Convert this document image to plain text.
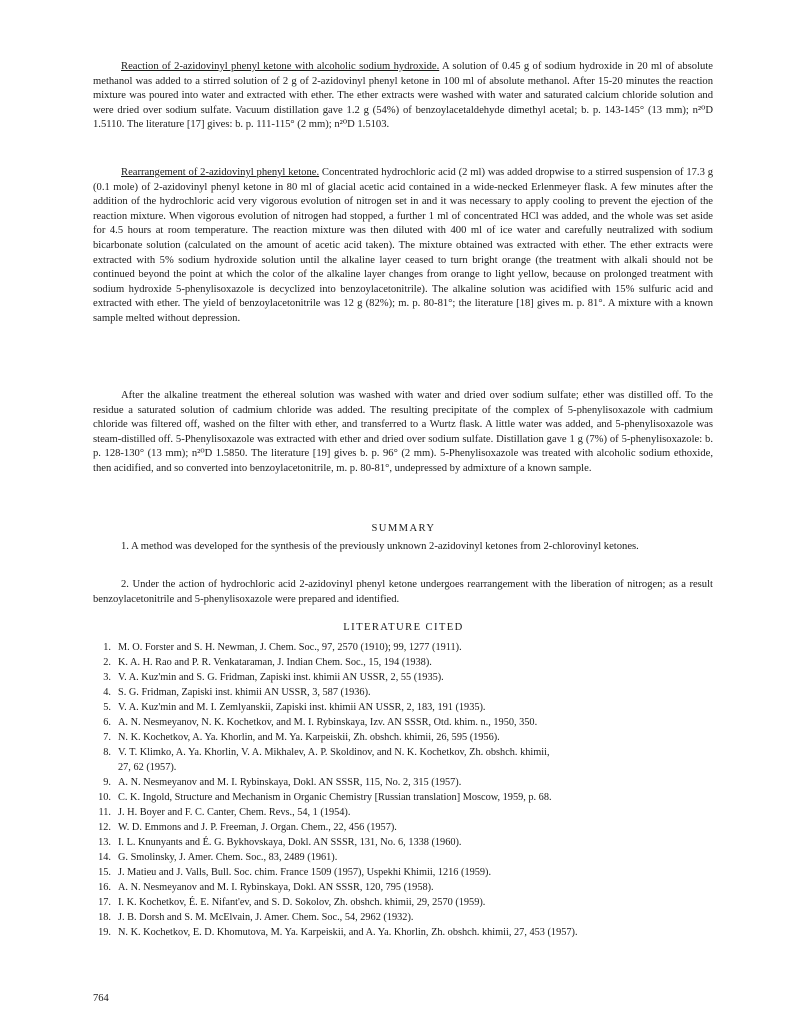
Reaction of 2-azidovinyl phenyl ketone with alcoholic sodium hydroxide. A solution of 0.45 g of sodium hydroxide in 20 ml of absolute methanol was added to a stirred solution of 2 g of 2-azidovinyl phenyl ketone in 100 ml of absolute methanol. After 15-20 minutes the reaction mixture was poured into water and extracted with ether. The ether extracts were washed with water and saturated calcium chloride solution and were dried over sodium sulfate. Vacuum distillation gave 1.2 g (54%) of benzoylacetaldehyde dimethyl acetal; b. p. 143-145° (13 mm); n²⁰D 1.5110. The literature [17] gives: b. p. 111-115° (2 mm); n²⁰D 1.5103.

Rearrangement of 2-azidovinyl phenyl ketone. Concentrated hydrochloric acid (2 ml) was added dropwise to a stirred suspension of 17.3 g (0.1 mole) of 2-azidovinyl phenyl ketone in 80 ml of glacial acetic acid contained in a wide-necked Erlenmeyer flask. A few minutes after the addition of the hydrochloric acid very vigorous evolution of nitrogen set in and it was necessary to apply cooling to prevent the ejection of the reaction mixture. When vigorous evolution of nitrogen had stopped, a further 1 ml of concentrated HCl was added, and the whole was set aside for 4.5 hours at room temperature. The reaction mixture was then diluted with 400 ml of ice water and carefully neutralized with sodium bicarbonate solution (calculated on the amount of acetic acid taken). The mixture obtained was extracted with ether. The ether extracts were extracted with 5% sodium hydroxide solution until the alkaline layer ceased to turn bright orange (the treatment with alkali should not be continued beyond the point at which the color of the alkaline layer changes from orange to light yellow, because on prolonged treatment with sodium hydroxide 5-phenylisoxazole is decyclized into benzoylacetonitrile). The alkaline solution was acidified with 15% sulfuric acid and extracted with ether. The yield of benzoylacetonitrile was 12 g (82%); m. p. 80-81°; the literature [18] gives m. p. 81°. A mixture with a known sample melted without depression.

After the alkaline treatment the ethereal solution was washed with water and dried over sodium sulfate; ether was distilled off. To the residue a saturated solution of cadmium chloride was added. The resulting precipitate of the complex of 5-phenylisoxazole with cadmium chloride was filtered off, washed on the filter with ether, and transferred to a Wurtz flask. A little water was added, and 5-phenylisoxazole was steam-distilled off. 5-Phenylisoxazole was extracted with ether and dried over sodium sulfate. Distillation gave 1 g (7%) of 5-phenylisoxazole: b. p. 128-130° (13 mm); n²⁰D 1.5850. The literature [19] gives b. p. 96° (2 mm). 5-Phenylisoxazole was treated with alcoholic sodium ethoxide, then acidified, and so converted into benzoylacetonitrile, m. p. 80-81°, undepressed by admixture of a known sample.

SUMMARY

1. A method was developed for the synthesis of the previously unknown 2-azidovinyl ketones from 2-chlorovinyl ketones.

2. Under the action of hydrochloric acid 2-azidovinyl phenyl ketone undergoes rearrangement with the liberation of nitrogen; as a result benzoylacetonitrile and 5-phenylisoxazole were prepared and identified.

LITERATURE CITED

1. M. O. Forster and S. H. Newman, J. Chem. Soc., 97, 2570 (1910); 99, 1277 (1911).
2. K. A. H. Rao and P. R. Venkataraman, J. Indian Chem. Soc., 15, 194 (1938).
3. V. A. Kuz'min and S. G. Fridman, Zapiski inst. khimii AN USSR, 2, 55 (1935).
4. S. G. Fridman, Zapiski inst. khimii AN USSR, 3, 587 (1936).
5. V. A. Kuz'min and M. I. Zemlyanskii, Zapiski inst. khimii AN USSR, 2, 183, 191 (1935).
6. A. N. Nesmeyanov, N. K. Kochetkov, and M. I. Rybinskaya, Izv. AN SSSR, Otd. khim. n., 1950, 350.
7. N. K. Kochetkov, A. Ya. Khorlin, and M. Ya. Karpeiskii, Zh. obshch. khimii, 26, 595 (1956).
8. V. T. Klimko, A. Ya. Khorlin, V. A. Mikhalev, A. P. Skoldinov, and N. K. Kochetkov, Zh. obshch. khimii,
27, 62 (1957).
9. A. N. Nesmeyanov and M. I. Rybinskaya, Dokl. AN SSSR, 115, No. 2, 315 (1957).
10. C. K. Ingold, Structure and Mechanism in Organic Chemistry [Russian translation] Moscow, 1959, p. 68.
11. J. H. Boyer and F. C. Canter, Chem. Revs., 54, 1 (1954).
12. W. D. Emmons and J. P. Freeman, J. Organ. Chem., 22, 456 (1957).
13. I. L. Knunyants and É. G. Bykhovskaya, Dokl. AN SSSR, 131, No. 6, 1338 (1960).
14. G. Smolinsky, J. Amer. Chem. Soc., 83, 2489 (1961).
15. J. Matieu and J. Valls, Bull. Soc. chim. France 1509 (1957), Uspekhi Khimii, 1216 (1959).
16. A. N. Nesmeyanov and M. I. Rybinskaya, Dokl. AN SSSR, 120, 795 (1958).
17. I. K. Kochetkov, É. E. Nifant'ev, and S. D. Sokolov, Zh. obshch. khimii, 29, 2570 (1959).
18. J. B. Dorsh and S. M. McElvain, J. Amer. Chem. Soc., 54, 2962 (1932).
19. N. K. Kochetkov, E. D. Khomutova, M. Ya. Karpeiskii, and A. Ya. Khorlin, Zh. obshch. khimii, 27, 453 (1957).

764
